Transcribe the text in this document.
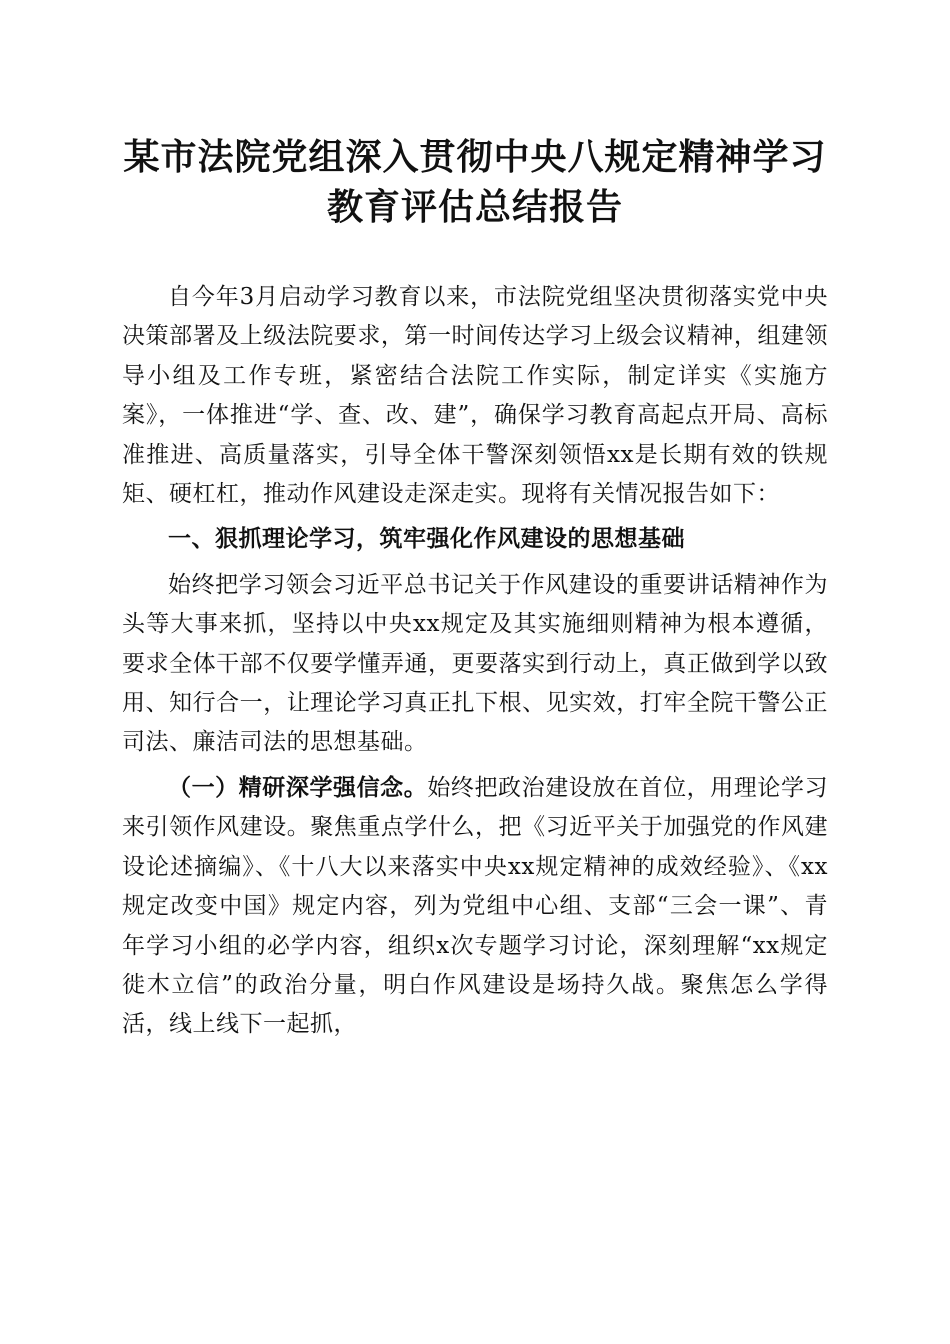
某市法院党组深入贯彻中央八规定精神学习教育评估总结报告

自今年3月启动学习教育以来，市法院党组坚决贯彻落实党中央决策部署及上级法院要求，第一时间传达学习上级会议精神，组建领导小组及工作专班，紧密结合法院工作实际，制定详实《实施方案》，一体推进“学、查、改、建”，确保学习教育高起点开局、高标准推进、高质量落实，引导全体干警深刻领悟xx是长期有效的铁规矩、硬杠杠，推动作风建设走深走实。现将有关情况报告如下：

一、狠抓理论学习，筑牢强化作风建设的思想基础

始终把学习领会习近平总书记关于作风建设的重要讲话精神作为头等大事来抓，坚持以中央xx规定及其实施细则精神为根本遵循，要求全体干部不仅要学懂弄通，更要落实到行动上，真正做到学以致用、知行合一，让理论学习真正扎下根、见实效，打牢全院干警公正司法、廉洁司法的思想基础。

（一）精研深学强信念。始终把政治建设放在首位，用理论学习来引领作风建设。聚焦重点学什么，把《习近平关于加强党的作风建设论述摘编》、《十八大以来落实中央xx规定精神的成效经验》、《xx规定改变中国》规定内容，列为党组中心组、支部“三会一课”、青年学习小组的必学内容，组织x次专题学习讨论，深刻理解“xx规定徙木立信”的政治分量，明白作风建设是场持久战。聚焦怎么学得活，线上线下一起抓，
